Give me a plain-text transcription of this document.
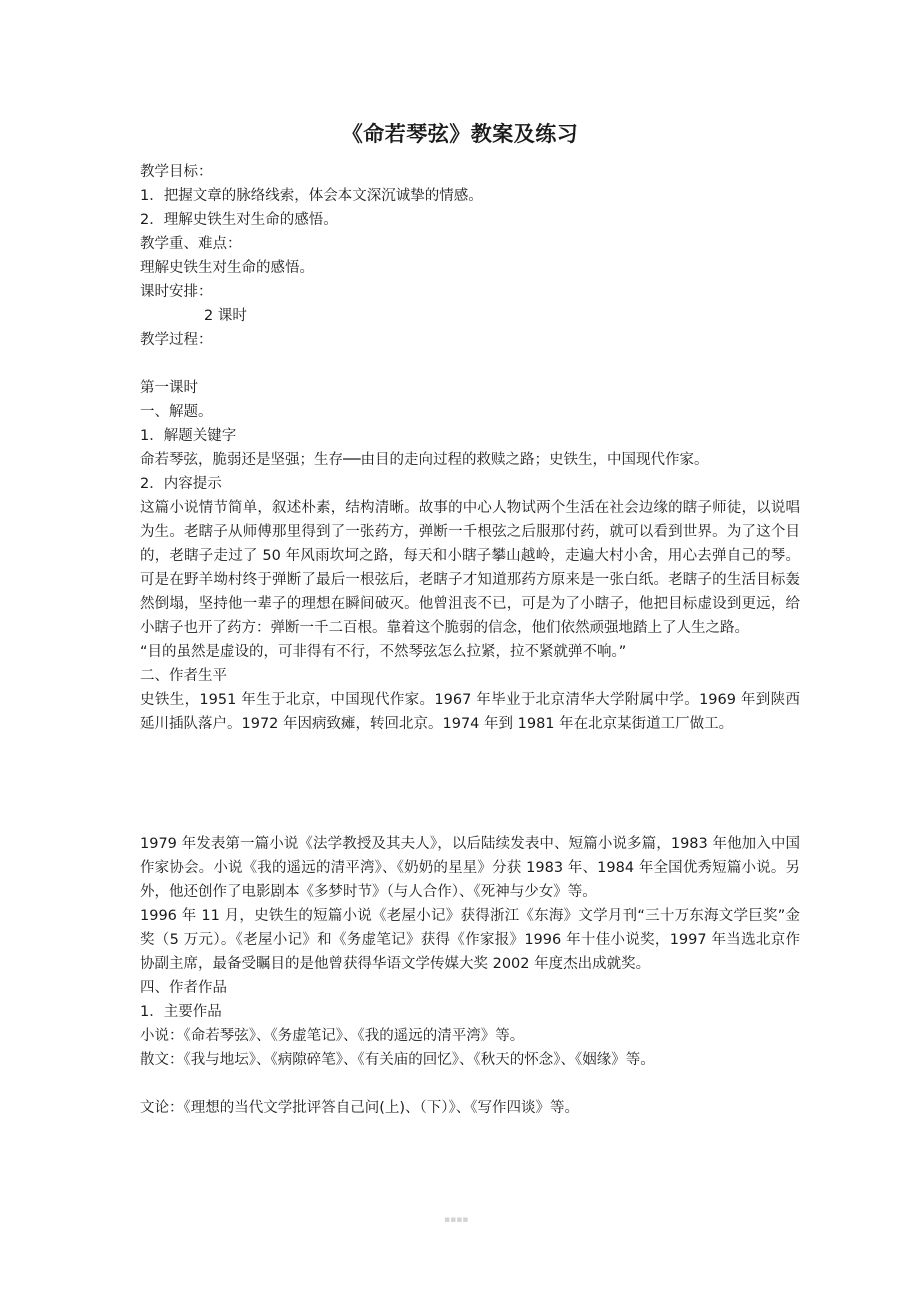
《命若琴弦》教案及练习

教学目标：

1．把握文章的脉络线索，体会本文深沉诚挚的情感。

2．理解史铁生对生命的感悟。

教学重、难点：

理解史铁生对生命的感悟。

课时安排：

2 课时

教学过程：

第一课时

一、解题。

1．解题关键字

命若琴弦，脆弱还是坚强；生存──由目的走向过程的救赎之路；史铁生，中国现代作家。

2．内容提示

这篇小说情节简单，叙述朴素，结构清晰。故事的中心人物试两个生活在社会边缘的瞎子师徒，以说唱为生。老瞎子从师傅那里得到了一张药方，弹断一千根弦之后服那付药，就可以看到世界。为了这个目的，老瞎子走过了 50 年风雨坎坷之路，每天和小瞎子攀山越岭，走遍大村小舍，用心去弹自己的琴。可是在野羊坳村终于弹断了最后一根弦后，老瞎子才知道那药方原来是一张白纸。老瞎子的生活目标轰然倒塌，坚持他一辈子的理想在瞬间破灭。他曾沮丧不已，可是为了小瞎子，他把目标虚设到更远，给小瞎子也开了药方：弹断一千二百根。靠着这个脆弱的信念，他们依然顽强地踏上了人生之路。

“目的虽然是虚设的，可非得有不行，不然琴弦怎么拉紧，拉不紧就弹不响。”

二、作者生平

史铁生，1951 年生于北京，中国现代作家。1967 年毕业于北京清华大学附属中学。1969 年到陕西延川插队落户。1972 年因病致瘫，转回北京。1974 年到 1981 年在北京某街道工厂做工。

1979 年发表第一篇小说《法学教授及其夫人》，以后陆续发表中、短篇小说多篇，1983 年他加入中国作家协会。小说《我的遥远的清平湾》、《奶奶的星星》分获 1983 年、1984 年全国优秀短篇小说。另外，他还创作了电影剧本《多梦时节》（与人合作）、《死神与少女》等。

1996 年 11 月，史铁生的短篇小说《老屋小记》获得浙江《东海》文学月刊“三十万东海文学巨奖”金奖（5 万元）。《老屋小记》和《务虚笔记》获得《作家报》1996 年十佳小说奖，1997 年当选北京作协副主席，最备受瞩目的是他曾获得华语文学传媒大奖 2002 年度杰出成就奖。

四、作者作品

1．主要作品

小说：《命若琴弦》、《务虚笔记》、《我的遥远的清平湾》等。

散文：《我与地坛》、《病隙碎笔》、《有关庙的回忆》、《秋天的怀念》、《姻缘》等。

文论：《理想的当代文学批评答自己问(上)、（下）》、《写作四谈》等。

▪▪▪▪
